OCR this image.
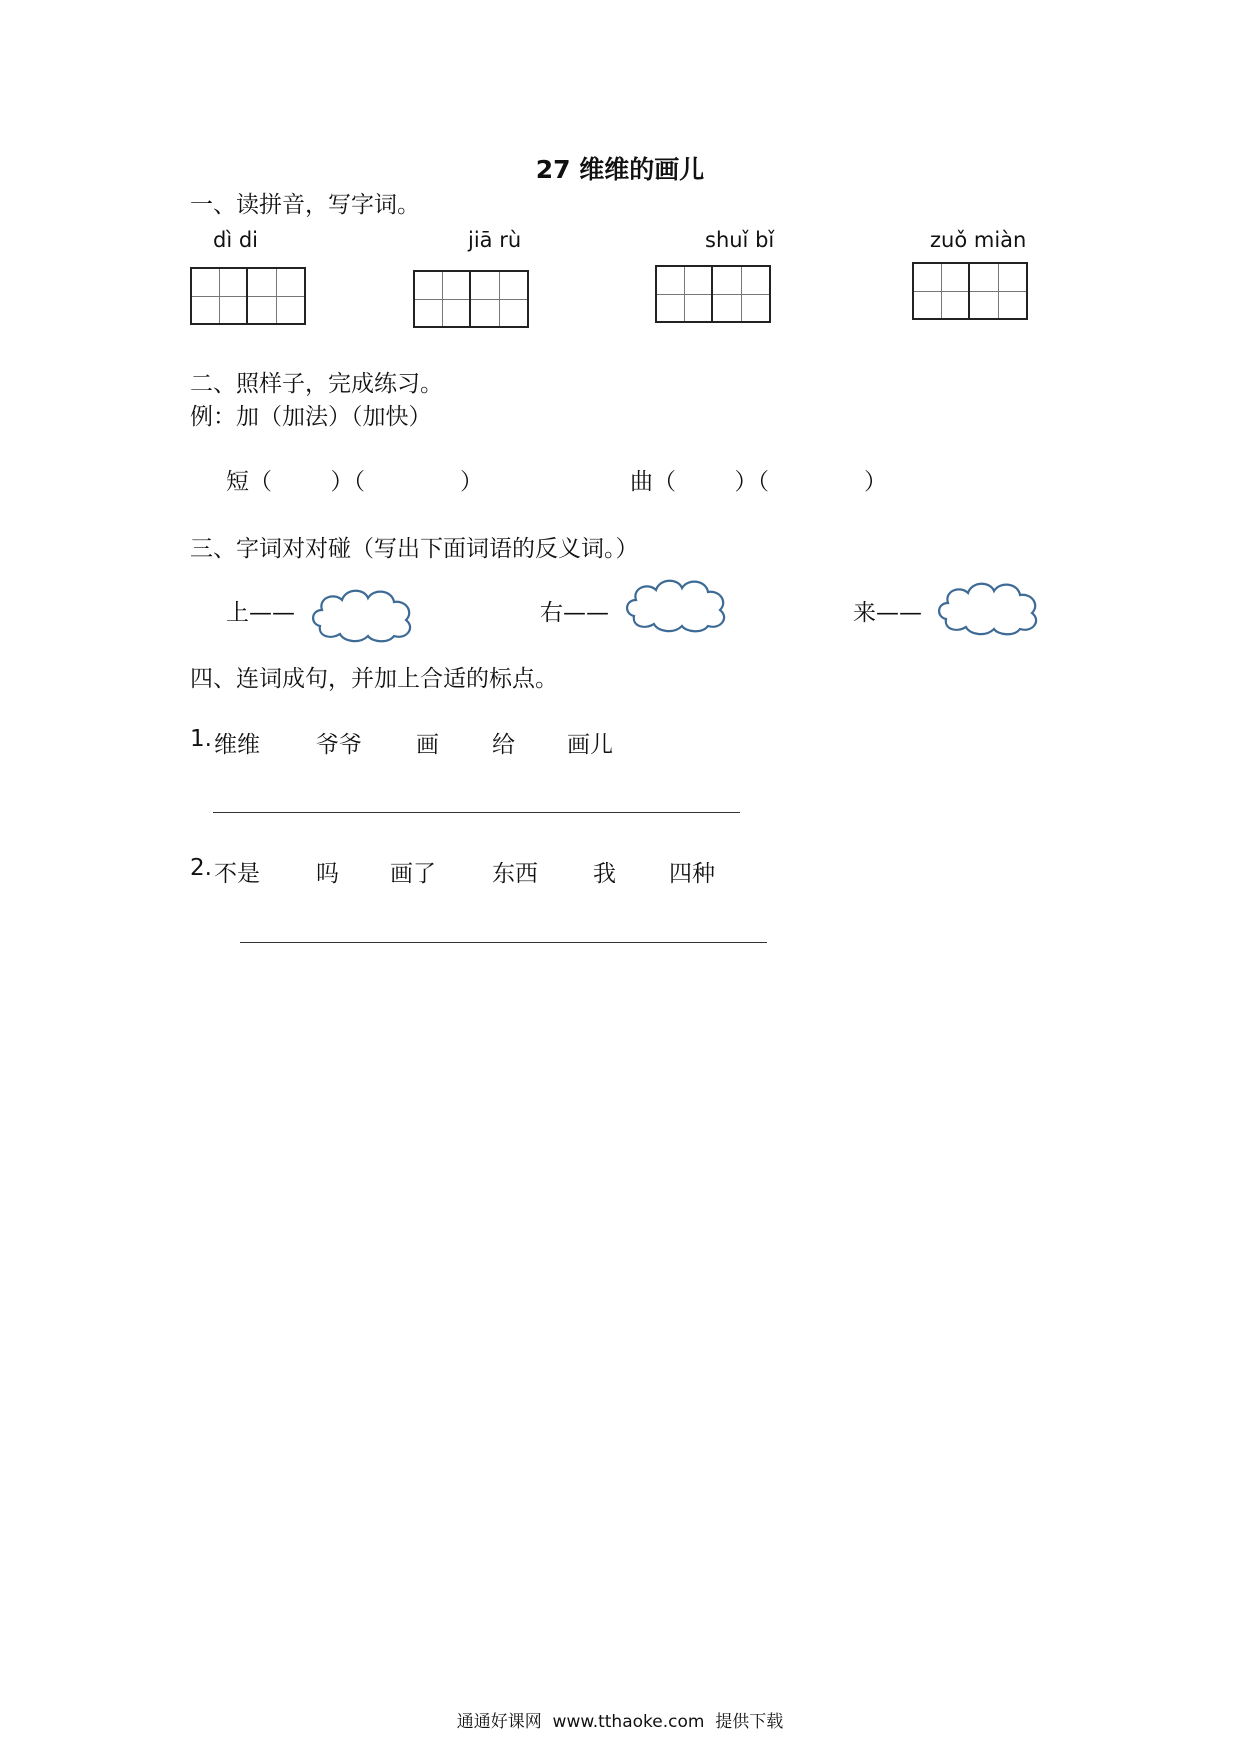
27 维维的画儿
一、读拼音，写字词。
dì di	jiā rù	shuǐ bǐ	zuǒ miàn
二、照样子，完成练习。
例：加（加法）（加快）
短（        ）（             ）	曲（        ）（             ）
三、字词对对碰（写出下面词语的反义词。）
上——	右——	来——
四、连词成句，并加上合适的标点。
1. 维维 爷爷 画 给 画儿
2. 不是 吗 画了 东西 我 四种
通通好课网  www.tthaoke.com  提供下载
